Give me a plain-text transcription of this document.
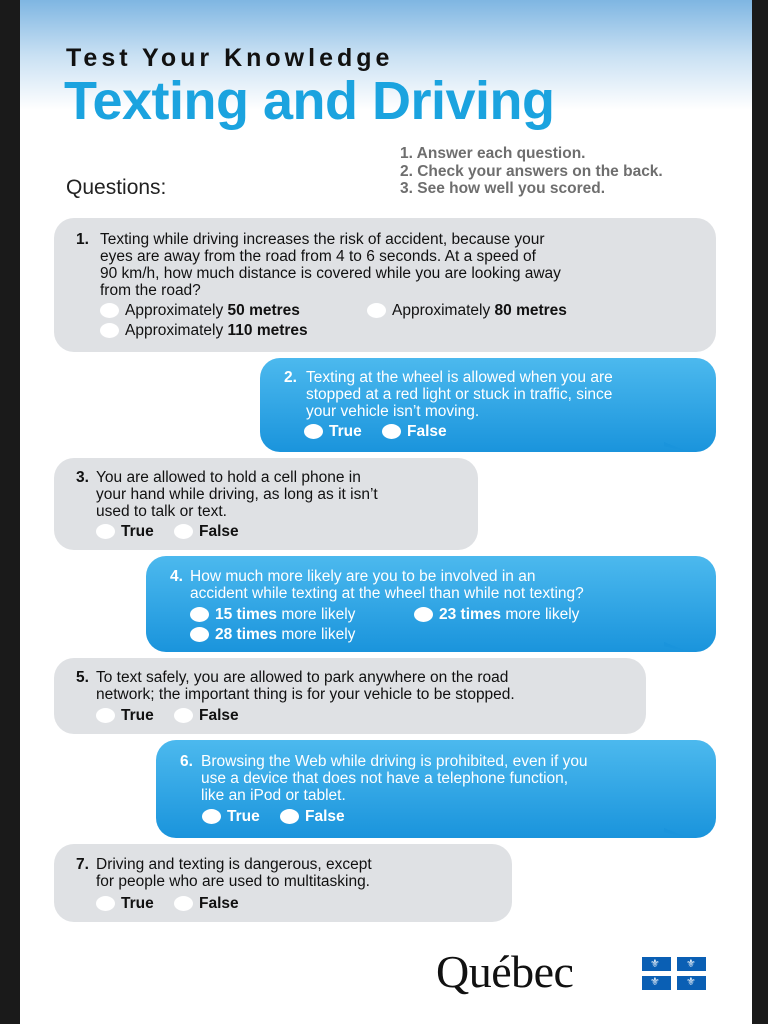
Test Your Knowledge
Texting and Driving
Questions:
1. Answer each question.
2. Check your answers on the back.
3. See how well you scored.
1. Texting while driving increases the risk of accident, because your
eyes are away from the road from 4 to 6 seconds. At a speed of
90 km/h, how much distance is covered while you are looking away
from the road?
Approximately 50 metres	Approximately 80 metres
Approximately 110 metres
2. Texting at the wheel is allowed when you are
stopped at a red light or stuck in traffic, since
your vehicle isn’t moving.
True	False
3. You are allowed to hold a cell phone in
your hand while driving, as long as it isn’t
used to talk or text.
True	False
4. How much more likely are you to be involved in an
accident while texting at the wheel than while not texting?
15 times more likely	23 times more likely
28 times more likely
5. To text safely, you are allowed to park anywhere on the road
network; the important thing is for your vehicle to be stopped.
True	False
6. Browsing the Web while driving is prohibited, even if you
use a device that does not have a telephone function,
like an iPod or tablet.
True	False
7. Driving and texting is dangerous, except
for people who are used to multitasking.
True	False
Québec	⚜ ⚜
⚜ ⚜
